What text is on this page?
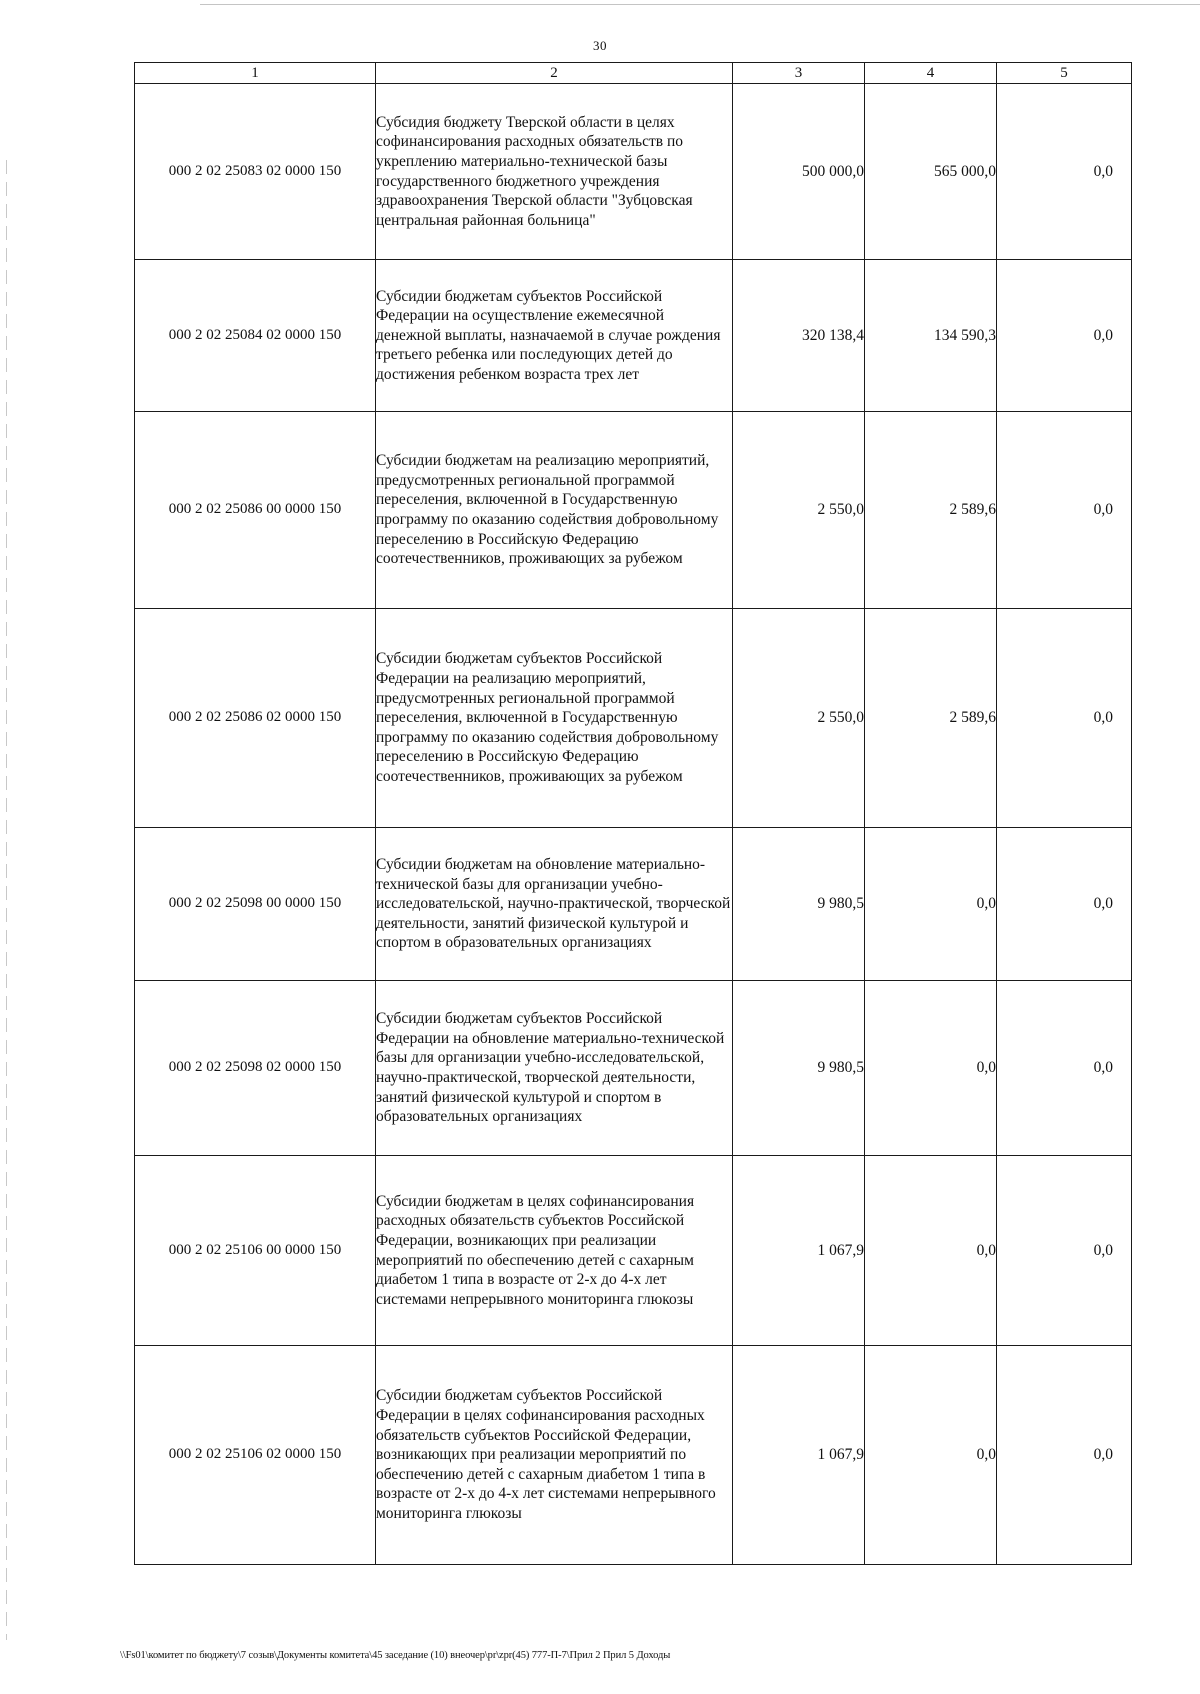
30
1	2	3	4	5
000 2 02 25083 02 0000 150	Субсидия бюджету Тверской области в целях софинансирования расходных обязательств по укреплению материально-технической базы государственного бюджетного учреждения здравоохранения Тверской области "Зубцовская центральная районная больница"	500 000,0	565 000,0	0,0
000 2 02 25084 02 0000 150	Субсидии бюджетам субъектов Российской Федерации на осуществление ежемесячной денежной выплаты, назначаемой в случае рождения третьего ребенка или последующих детей до достижения ребенком возраста трех лет	320 138,4	134 590,3	0,0
000 2 02 25086 00 0000 150	Субсидии бюджетам на реализацию мероприятий, предусмотренных региональной программой переселения, включенной в Государственную программу по оказанию содействия добровольному переселению в Российскую Федерацию соотечественников, проживающих за рубежом	2 550,0	2 589,6	0,0
000 2 02 25086 02 0000 150	Субсидии бюджетам субъектов Российской Федерации на реализацию мероприятий, предусмотренных региональной программой переселения, включенной в Государственную программу по оказанию содействия добровольному переселению в Российскую Федерацию соотечественников, проживающих за рубежом	2 550,0	2 589,6	0,0
000 2 02 25098 00 0000 150	Субсидии бюджетам на обновление материально-технической базы для организации учебно-исследовательской, научно-практической, творческой деятельности, занятий физической культурой и спортом в образовательных организациях	9 980,5	0,0	0,0
000 2 02 25098 02 0000 150	Субсидии бюджетам субъектов Российской Федерации на обновление материально-технической базы для организации учебно-исследовательской, научно-практической, творческой деятельности, занятий физической культурой и спортом в образовательных организациях	9 980,5	0,0	0,0
000 2 02 25106 00 0000 150	Субсидии бюджетам в целях софинансирования расходных обязательств субъектов Российской Федерации, возникающих при реализации мероприятий по обеспечению детей с сахарным диабетом 1 типа в возрасте от 2-х до 4-х лет системами непрерывного мониторинга глюкозы	1 067,9	0,0	0,0
000 2 02 25106 02 0000 150	Субсидии бюджетам субъектов Российской Федерации в целях софинансирования расходных обязательств субъектов Российской Федерации, возникающих при реализации мероприятий по обеспечению детей с сахарным диабетом 1 типа в возрасте от 2-х до 4-х лет системами непрерывного мониторинга глюкозы	1 067,9	0,0	0,0
\\Fs01\комитет по бюджету\7 созыв\Документы комитета\45 заседание (10) внеочер\pr\zpr(45) 777-П-7\Прил 2 Прил 5 Доходы
